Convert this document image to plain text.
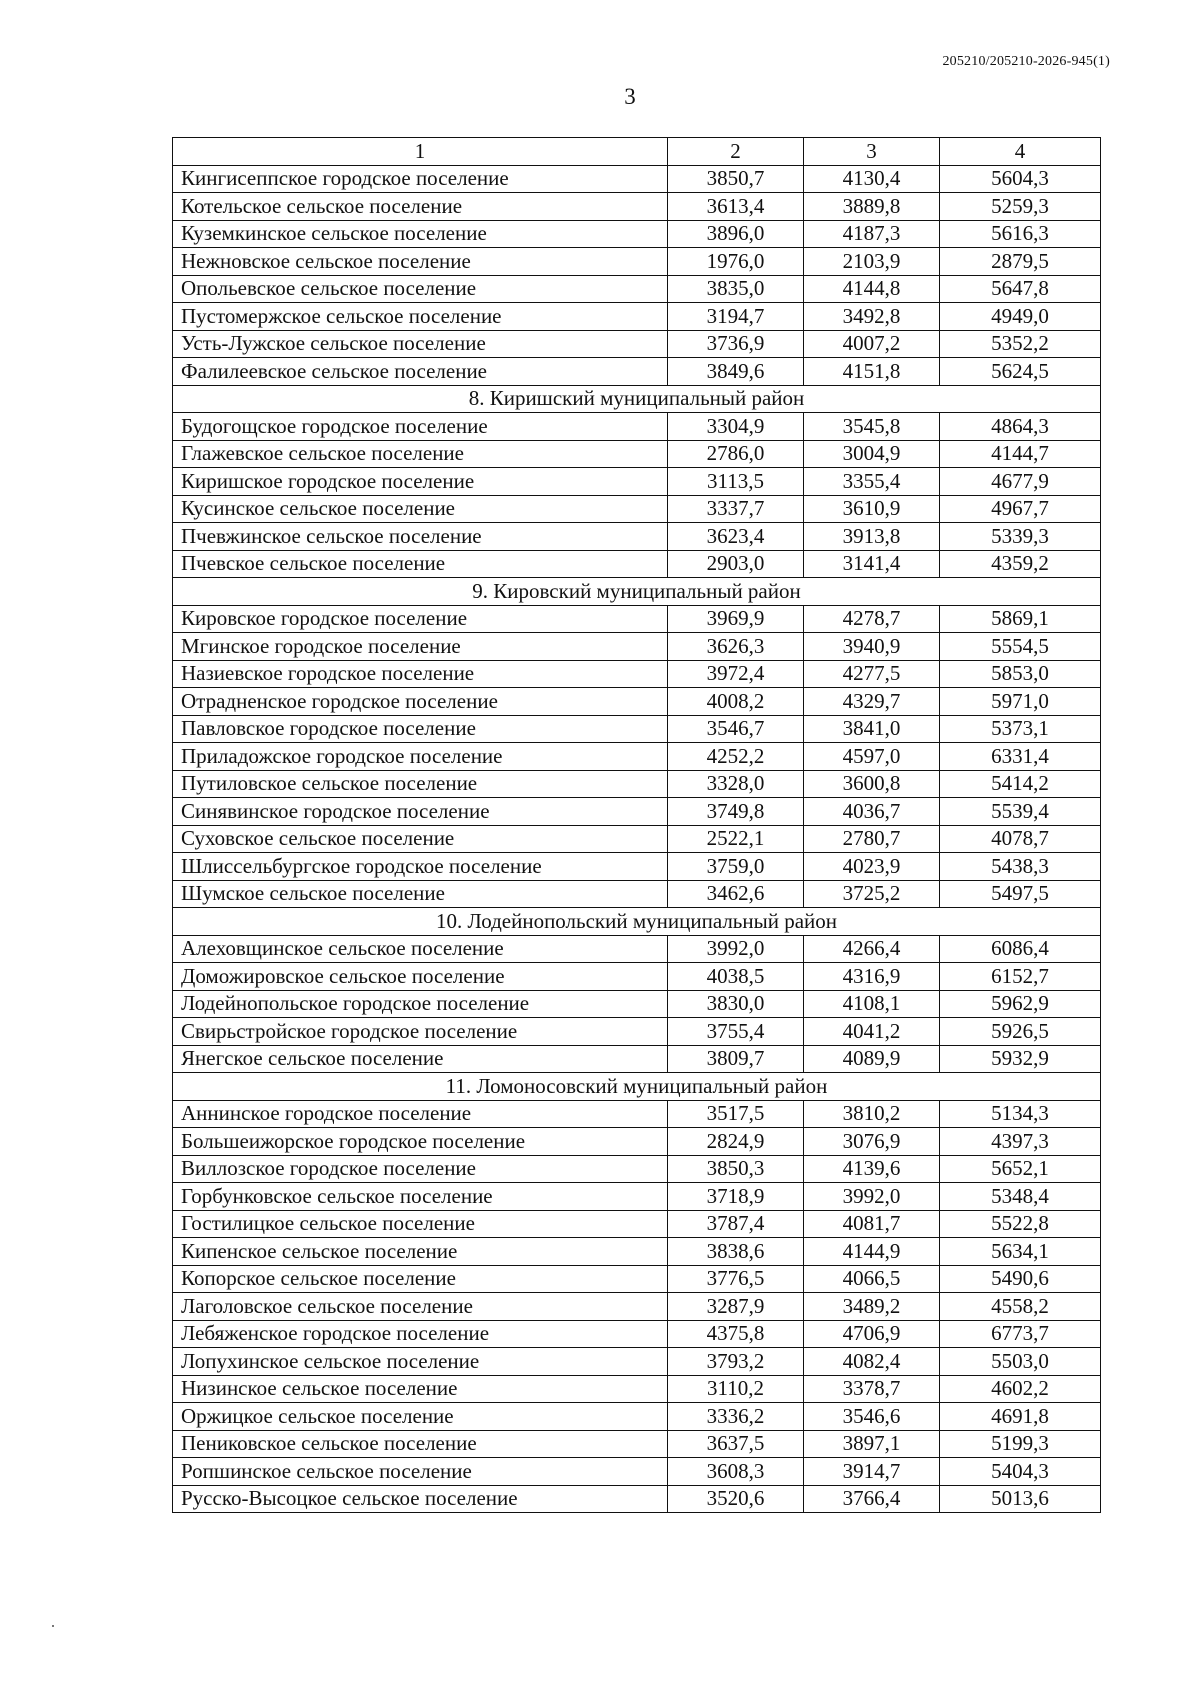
205210/205210-2026-945(1)
3
1	2	3	4
Кингисеппское городское поселение	3850,7	4130,4	5604,3
Котельское сельское поселение	3613,4	3889,8	5259,3
Куземкинское сельское поселение	3896,0	4187,3	5616,3
Нежновское сельское поселение	1976,0	2103,9	2879,5
Опольевское сельское поселение	3835,0	4144,8	5647,8
Пустомержское сельское поселение	3194,7	3492,8	4949,0
Усть-Лужское сельское поселение	3736,9	4007,2	5352,2
Фалилеевское сельское поселение	3849,6	4151,8	5624,5
8. Киришский муниципальный район			
Будогощское городское поселение	3304,9	3545,8	4864,3
Глажевское сельское поселение	2786,0	3004,9	4144,7
Киришское городское поселение	3113,5	3355,4	4677,9
Кусинское сельское поселение	3337,7	3610,9	4967,7
Пчевжинское сельское поселение	3623,4	3913,8	5339,3
Пчевское сельское поселение	2903,0	3141,4	4359,2
9. Кировский муниципальный район			
Кировское городское поселение	3969,9	4278,7	5869,1
Мгинское городское поселение	3626,3	3940,9	5554,5
Назиевское городское поселение	3972,4	4277,5	5853,0
Отрадненское городское поселение	4008,2	4329,7	5971,0
Павловское городское поселение	3546,7	3841,0	5373,1
Приладожское городское поселение	4252,2	4597,0	6331,4
Путиловское сельское поселение	3328,0	3600,8	5414,2
Синявинское городское поселение	3749,8	4036,7	5539,4
Суховское сельское поселение	2522,1	2780,7	4078,7
Шлиссельбургское городское поселение	3759,0	4023,9	5438,3
Шумское сельское поселение	3462,6	3725,2	5497,5
10. Лодейнопольский муниципальный район			
Алеховщинское сельское поселение	3992,0	4266,4	6086,4
Доможировское сельское поселение	4038,5	4316,9	6152,7
Лодейнопольское городское поселение	3830,0	4108,1	5962,9
Свирьстройское городское поселение	3755,4	4041,2	5926,5
Янегское сельское поселение	3809,7	4089,9	5932,9
11. Ломоносовский муниципальный район			
Аннинское городское поселение	3517,5	3810,2	5134,3
Большеижорское городское поселение	2824,9	3076,9	4397,3
Виллозское городское поселение	3850,3	4139,6	5652,1
Горбунковское сельское поселение	3718,9	3992,0	5348,4
Гостилицкое сельское поселение	3787,4	4081,7	5522,8
Кипенское сельское поселение	3838,6	4144,9	5634,1
Копорское сельское поселение	3776,5	4066,5	5490,6
Лаголовское сельское поселение	3287,9	3489,2	4558,2
Лебяженское городское поселение	4375,8	4706,9	6773,7
Лопухинское сельское поселение	3793,2	4082,4	5503,0
Низинское сельское поселение	3110,2	3378,7	4602,2
Оржицкое сельское поселение	3336,2	3546,6	4691,8
Пениковское сельское поселение	3637,5	3897,1	5199,3
Ропшинское сельское поселение	3608,3	3914,7	5404,3
Русско-Высоцкое сельское поселение	3520,6	3766,4	5013,6
